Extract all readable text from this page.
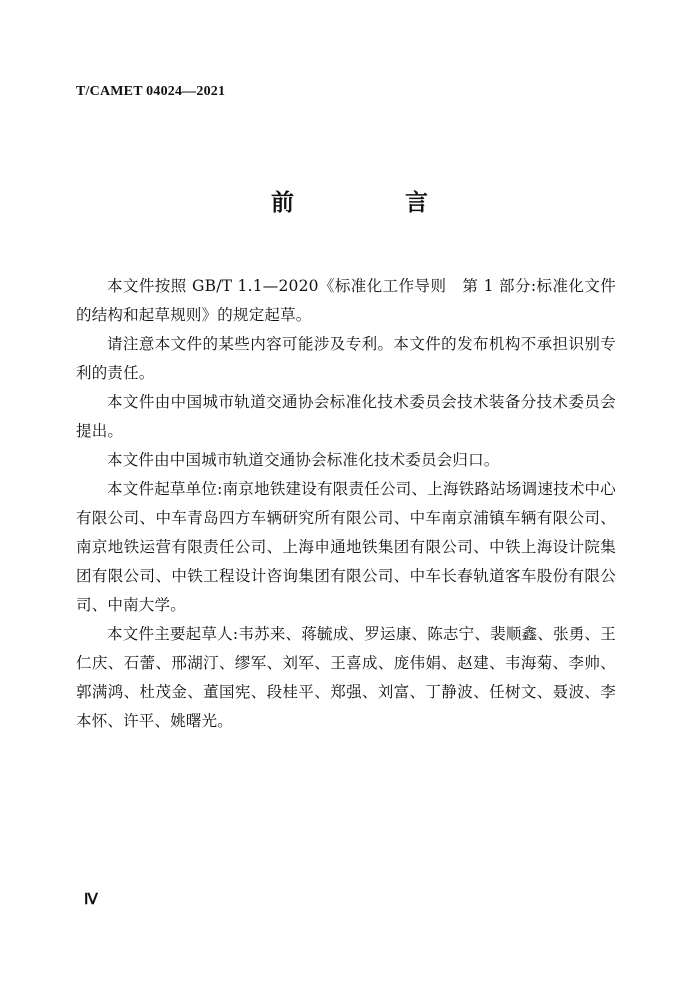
T/CAMET 04024—2021
前　言

本文件按照 GB/T 1.1—2020《标准化工作导则　第 1 部分:标准化文件的结构和起草规则》的规定起草。

请注意本文件的某些内容可能涉及专利。本文件的发布机构不承担识别专利的责任。

本文件由中国城市轨道交通协会标准化技术委员会技术装备分技术委员会提出。

本文件由中国城市轨道交通协会标准化技术委员会归口。

本文件起草单位:南京地铁建设有限责任公司、上海铁路站场调速技术中心有限公司、中车青岛四方车辆研究所有限公司、中车南京浦镇车辆有限公司、南京地铁运营有限责任公司、上海申通地铁集团有限公司、中铁上海设计院集团有限公司、中铁工程设计咨询集团有限公司、中车长春轨道客车股份有限公司、中南大学。

本文件主要起草人:韦苏来、蒋毓成、罗运康、陈志宁、裴顺鑫、张勇、王仁庆、石蕾、邢湖汀、缪军、刘军、王喜成、庞伟娟、赵建、韦海菊、李帅、郭满鸿、杜茂金、董国宪、段桂平、郑强、刘富、丁静波、任树文、聂波、李本怀、许平、姚曙光。

Ⅳ
